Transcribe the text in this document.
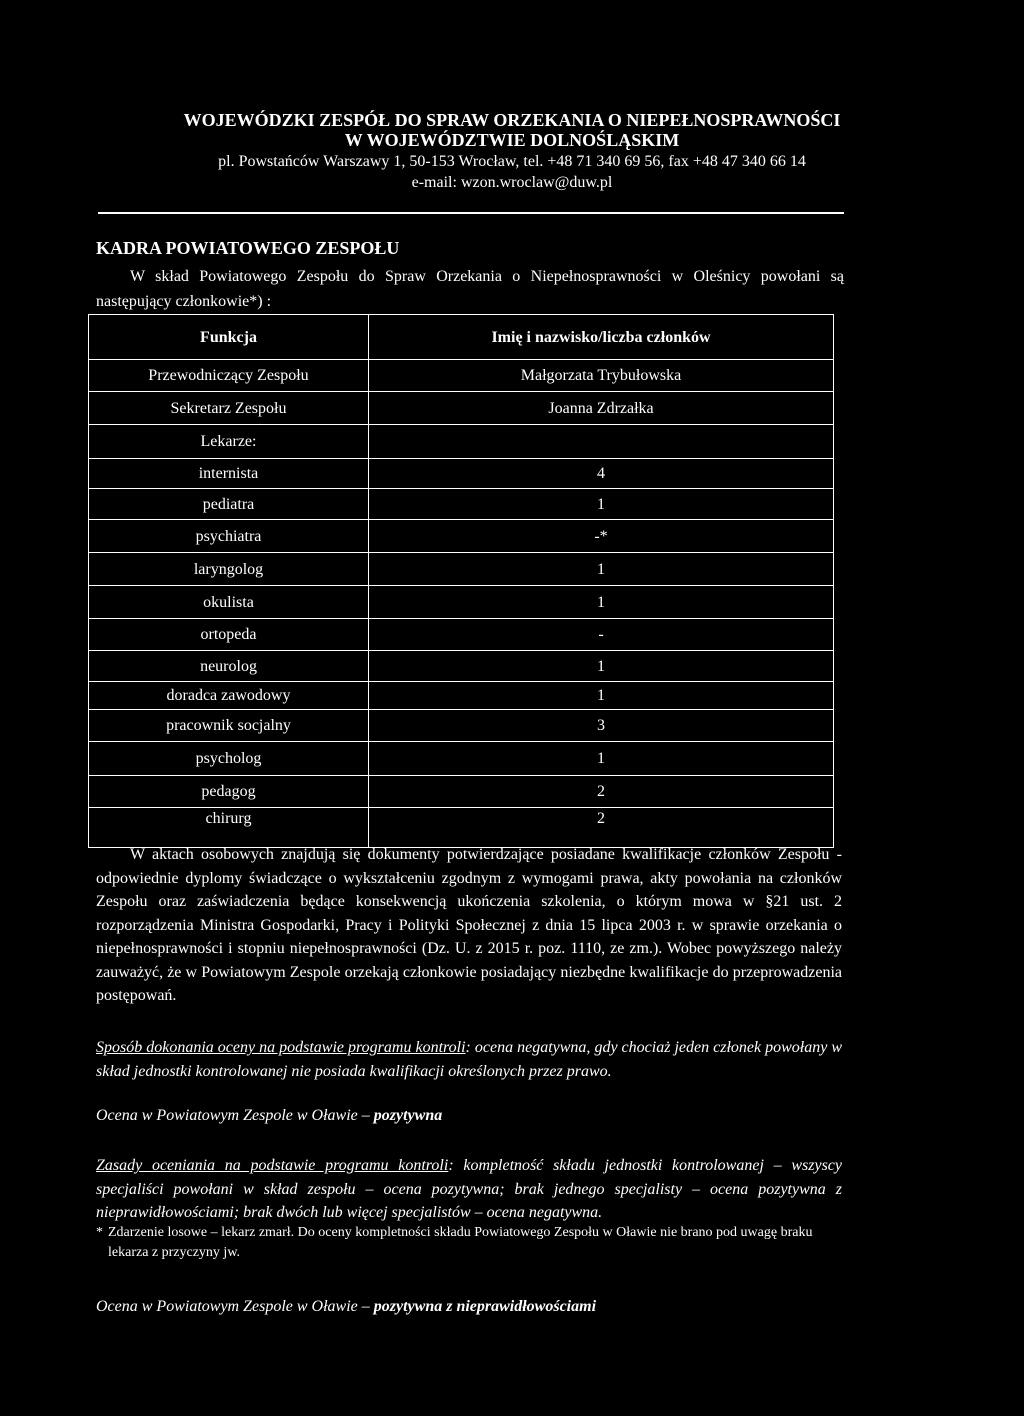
WOJEWÓDZKI ZESPÓŁ DO SPRAW ORZEKANIA O NIEPEŁNOSPRAWNOŚCI
W WOJEWÓDZTWIE DOLNOŚLĄSKIM
pl. Powstańców Warszawy 1, 50-153 Wrocław, tel. +48 71 340 69 56, fax +48 47 340 66 14
e-mail: wzon.wroclaw@duw.pl
KADRA POWIATOWEGO ZESPOŁU
W skład Powiatowego Zespołu do Spraw Orzekania o Niepełnosprawności w Oleśnicy powołani są następujący członkowie*) :
Funkcja	Imię i nazwisko/liczba członków
Przewodniczący Zespołu	Małgorzata Trybułowska
Sekretarz Zespołu	Joanna Zdrzałka
Lekarze:
internista	4
pediatra	1
psychiatra	-*
laryngolog	1
okulista	1
ortopeda	-
neurolog	1
doradca zawodowy	1
pracownik socjalny	3
psycholog	1
pedagog	2
chirurg	2
W aktach osobowych znajdują się dokumenty potwierdzające posiadane kwalifikacje członków Zespołu - odpowiednie dyplomy świadczące o wykształceniu zgodnym z wymogami prawa, akty powołania na członków Zespołu oraz zaświadczenia będące konsekwencją ukończenia szkolenia, o którym mowa w §21 ust. 2 rozporządzenia Ministra Gospodarki, Pracy i Polityki Społecznej z dnia 15 lipca 2003 r. w sprawie orzekania o niepełnosprawności i stopniu niepełnosprawności (Dz. U. z 2015 r. poz. 1110, ze zm.). Wobec powyższego należy zauważyć, że w Powiatowym Zespole orzekają członkowie posiadający niezbędne kwalifikacje do przeprowadzenia postępowań.
Sposób dokonania oceny na podstawie programu kontroli: ocena negatywna, gdy chociaż jeden członek powołany w skład jednostki kontrolowanej nie posiada kwalifikacji określonych przez prawo.
Ocena w Powiatowym Zespole w Oławie – pozytywna
Zasady oceniania na podstawie programu kontroli: kompletność składu jednostki kontrolowanej – wszyscy specjaliści powołani w skład zespołu – ocena pozytywna; brak jednego specjalisty – ocena pozytywna z nieprawidłowościami; brak dwóch lub więcej specjalistów – ocena negatywna.
* Zdarzenie losowe – lekarz zmarł. Do oceny kompletności składu Powiatowego Zespołu w Oławie nie brano pod uwagę braku lekarza z przyczyny jw.
Ocena w Powiatowym Zespole w Oławie – pozytywna z nieprawidłowościami
